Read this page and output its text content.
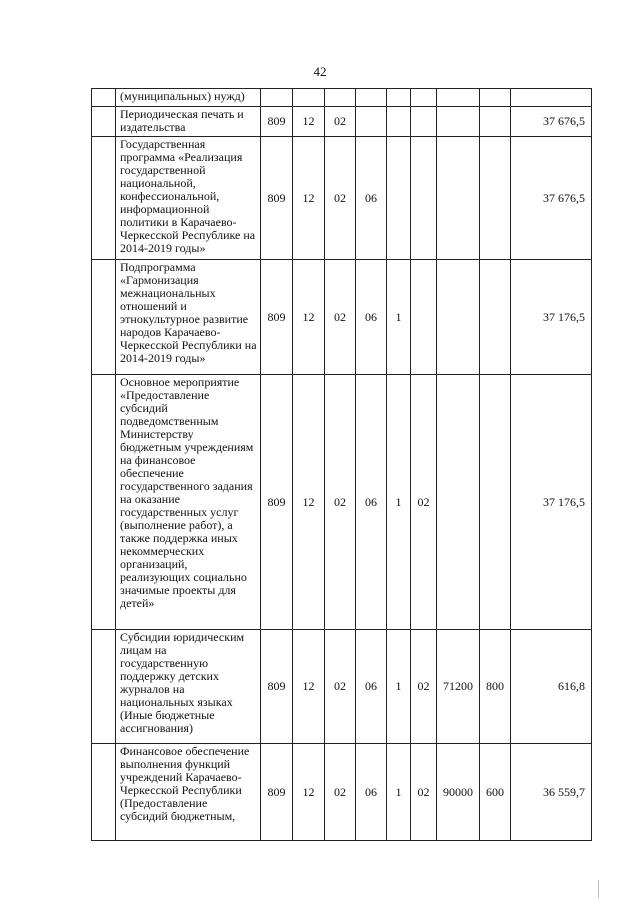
42
	(муниципальных) нужд)									
	Периодическая печать и издательства	809	12	02						37 676,5
	Государственная программа «Реализация государственной национальной, конфессиональной, информационной политики в Карачаево-Черкесской Республике на 2014-2019 годы»	809	12	02	06					37 676,5
	Подпрограмма «Гармонизация межнациональных отношений и этнокультурное развитие народов Карачаево-Черкесской Республики на 2014-2019 годы»	809	12	02	06	1				37 176,5
	Основное мероприятие «Предоставление субсидий подведомственным Министерству бюджетным учреждениям на финансовое обеспечение государственного задания на оказание государственных услуг (выполнение работ), а также поддержка иных некоммерческих организаций, реализующих социально значимые проекты для детей»	809	12	02	06	1	02			37 176,5
	Субсидии юридическим лицам на государственную поддержку детских журналов на национальных языках (Иные бюджетные ассигнования)	809	12	02	06	1	02	71200	800	616,8
	Финансовое обеспечение выполнения функций учреждений Карачаево-Черкесской Республики (Предоставление субсидий бюджетным,	809	12	02	06	1	02	90000	600	36 559,7
